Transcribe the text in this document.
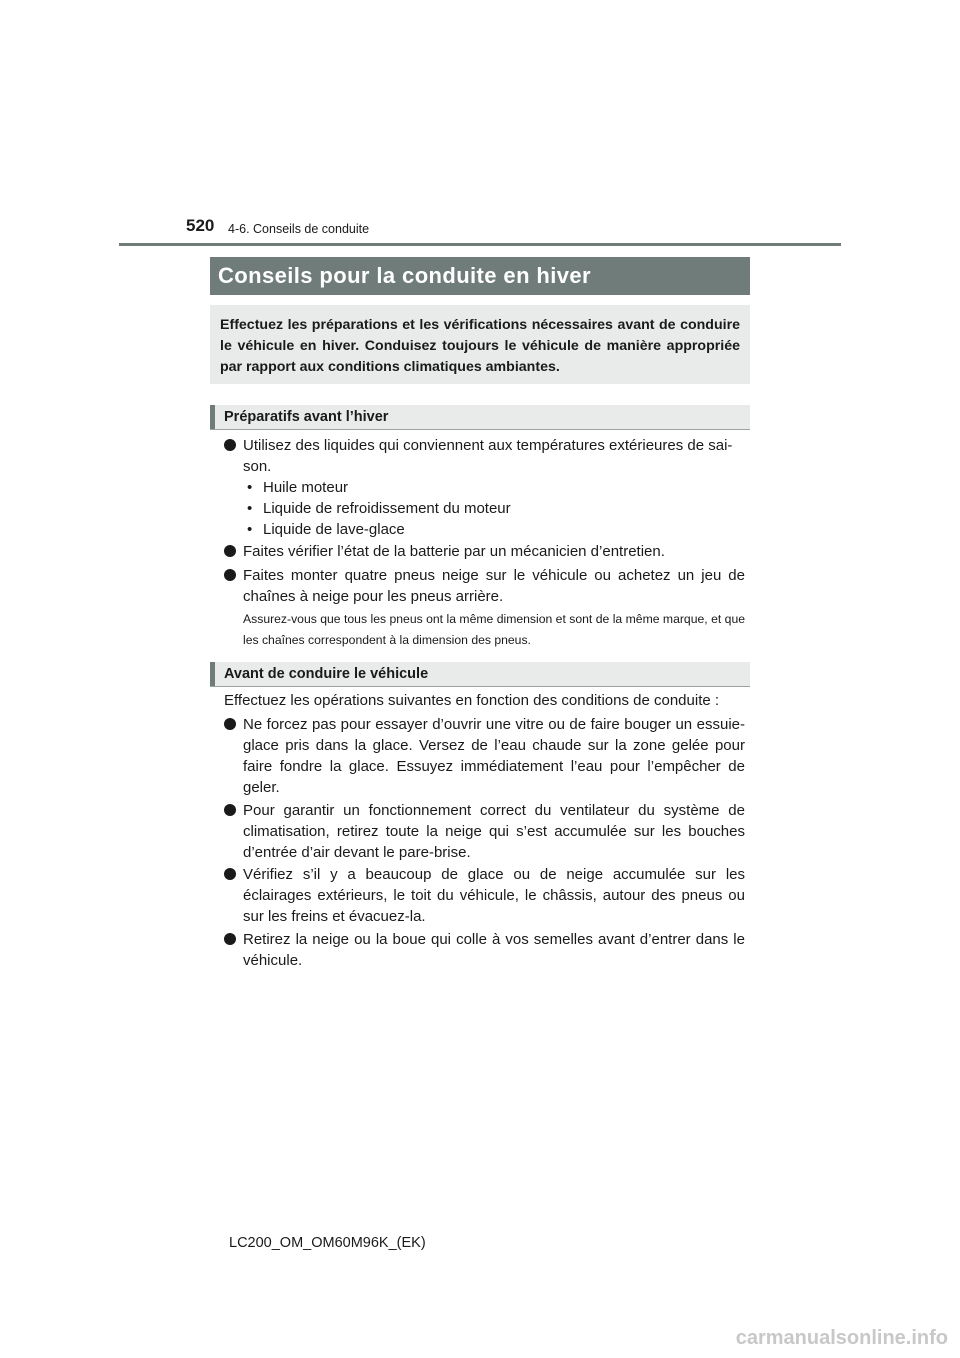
520 4-6. Conseils de conduite
Conseils pour la conduite en hiver
Effectuez les préparations et les vérifications nécessaires avant de conduire le véhicule en hiver. Conduisez toujours le véhicule de manière appropriée par rapport aux conditions climatiques ambiantes.
Préparatifs avant l’hiver
Utilisez des liquides qui conviennent aux températures extérieures de sai-
son.
• Huile moteur
• Liquide de refroidissement du moteur
• Liquide de lave-glace
Faites vérifier l’état de la batterie par un mécanicien d’entretien.
Faites monter quatre pneus neige sur le véhicule ou achetez un jeu de chaînes à neige pour les pneus arrière.
Assurez-vous que tous les pneus ont la même dimension et sont de la même marque, et que les chaînes correspondent à la dimension des pneus.
Avant de conduire le véhicule
Effectuez les opérations suivantes en fonction des conditions de conduite :
Ne forcez pas pour essayer d’ouvrir une vitre ou de faire bouger un essuie-glace pris dans la glace. Versez de l’eau chaude sur la zone gelée pour faire fondre la glace. Essuyez immédiatement l’eau pour l’empêcher de geler.
Pour garantir un fonctionnement correct du ventilateur du système de climatisation, retirez toute la neige qui s’est accumulée sur les bouches d’entrée d’air devant le pare-brise.
Vérifiez s’il y a beaucoup de glace ou de neige accumulée sur les éclairages extérieurs, le toit du véhicule, le châssis, autour des pneus ou sur les freins et évacuez-la.
Retirez la neige ou la boue qui colle à vos semelles avant d’entrer dans le véhicule.
LC200_OM_OM60M96K_(EK)
carmanualsonline.info
